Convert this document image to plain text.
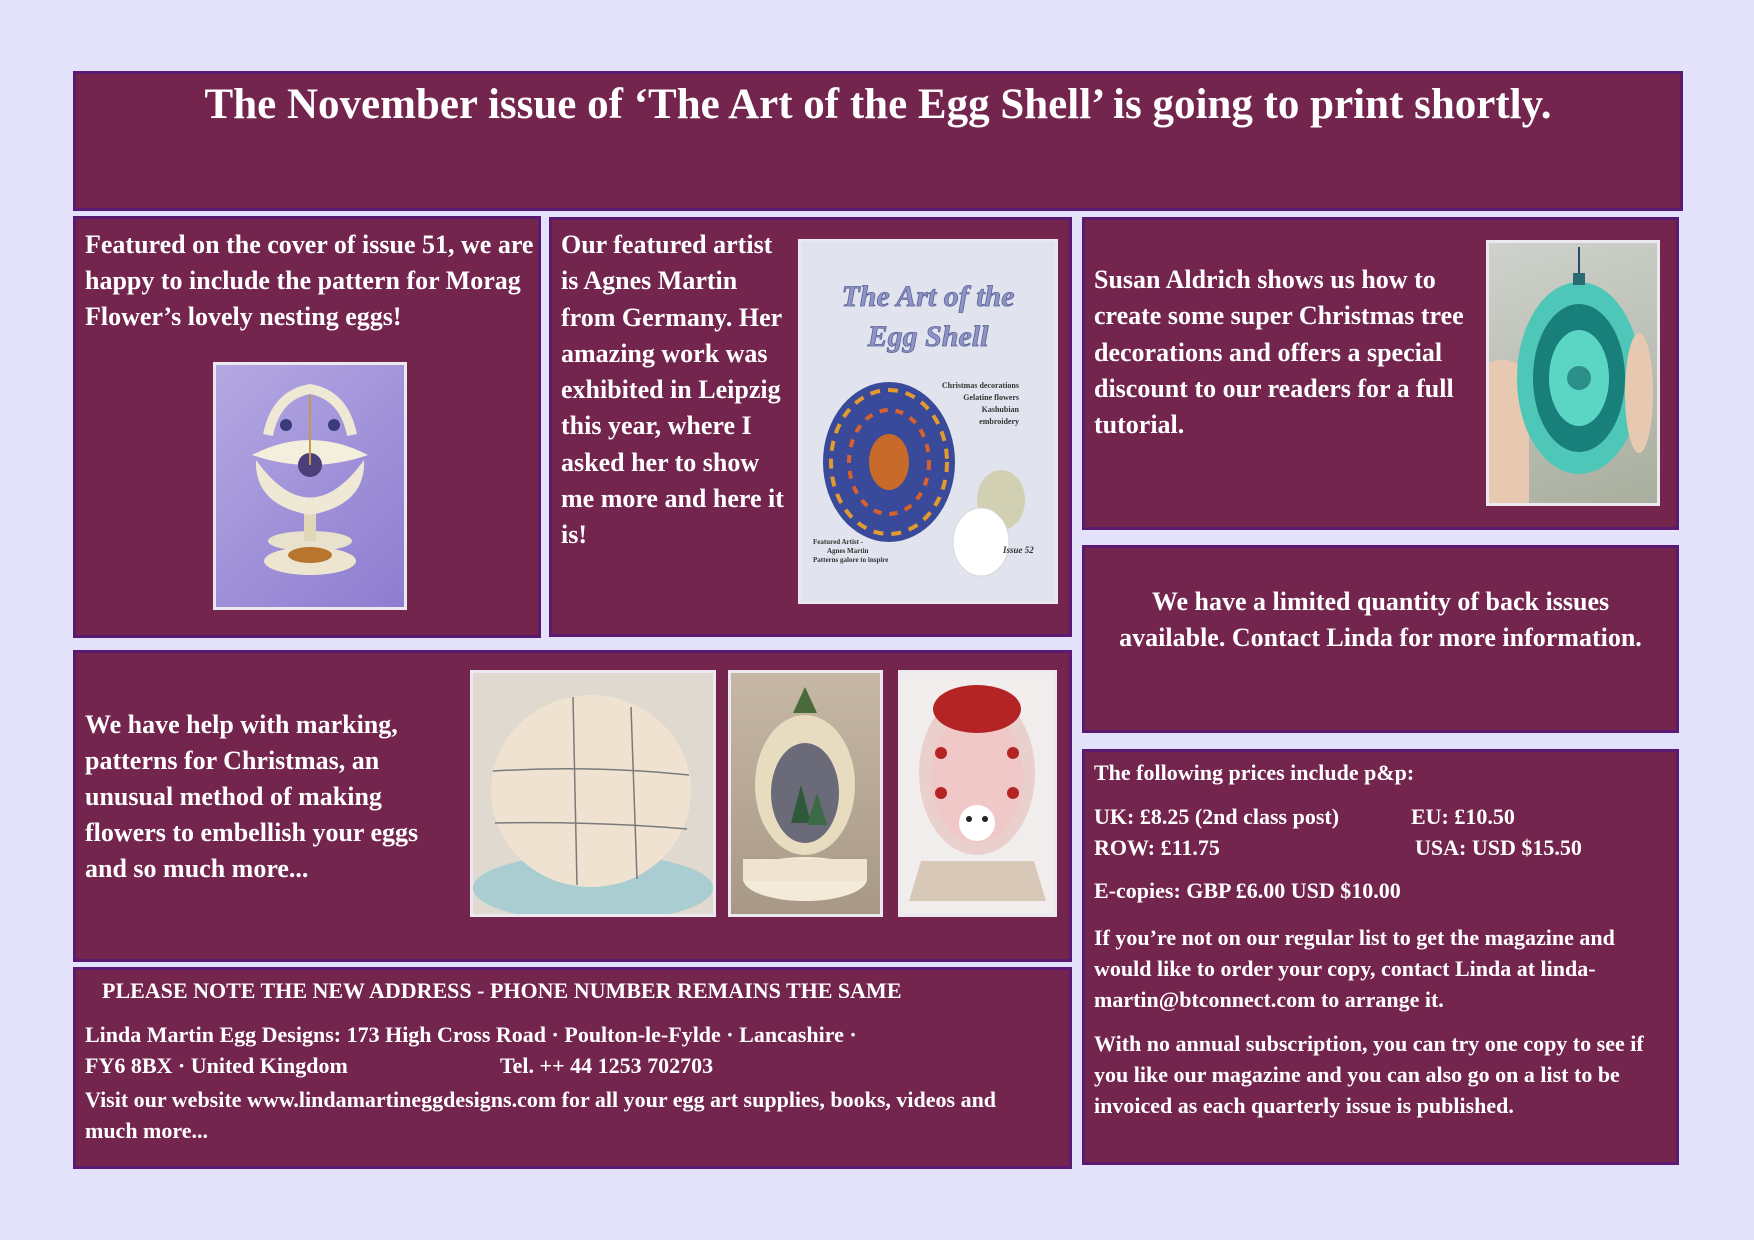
The November issue of ‘The Art of the Egg Shell’ is going to print shortly.

Featured on the cover of issue 51, we are happy to include the pattern for Morag Flower’s lovely nesting eggs!

Our featured artist is Agnes Martin from Germany. Her amazing work was exhibited in Leipzig this year, where I asked her to show me more and here it is!

The Art of the
Egg Shell
Christmas decorations
Gelatine flowers
Kashubian
embroidery
Featured Artist -
Agnes Martin
Patterns galore to inspire
Issue 52

Susan Aldrich shows us how to create some super Christmas tree decorations and offers a special discount to our readers for a full tutorial.

We have a limited quantity of back issues available. Contact Linda for more information.

We have help with marking, patterns for Christmas, an unusual method of making flowers to embellish your eggs and so much more...

PLEASE NOTE THE NEW ADDRESS - PHONE NUMBER REMAINS THE SAME

Linda Martin Egg Designs: 173 High Cross Road · Poulton-le-Fylde · Lancashire ·

FY6 8BX · United Kingdom	Tel. ++ 44 1253 702703

Visit our website www.lindamartineggdesigns.com for all your egg art supplies, books, videos and much more...

The following prices include p&p:

UK: £8.25 (2nd class post)	EU: £10.50

ROW: £11.75	USA: USD $15.50

E-copies: GBP £6.00 USD $10.00

If you’re not on our regular list to get the magazine and would like to order your copy, contact Linda at linda-martin@btconnect.com to arrange it.

With no annual subscription, you can try one copy to see if you like our magazine and you can also go on a list to be invoiced as each quarterly issue is published.
